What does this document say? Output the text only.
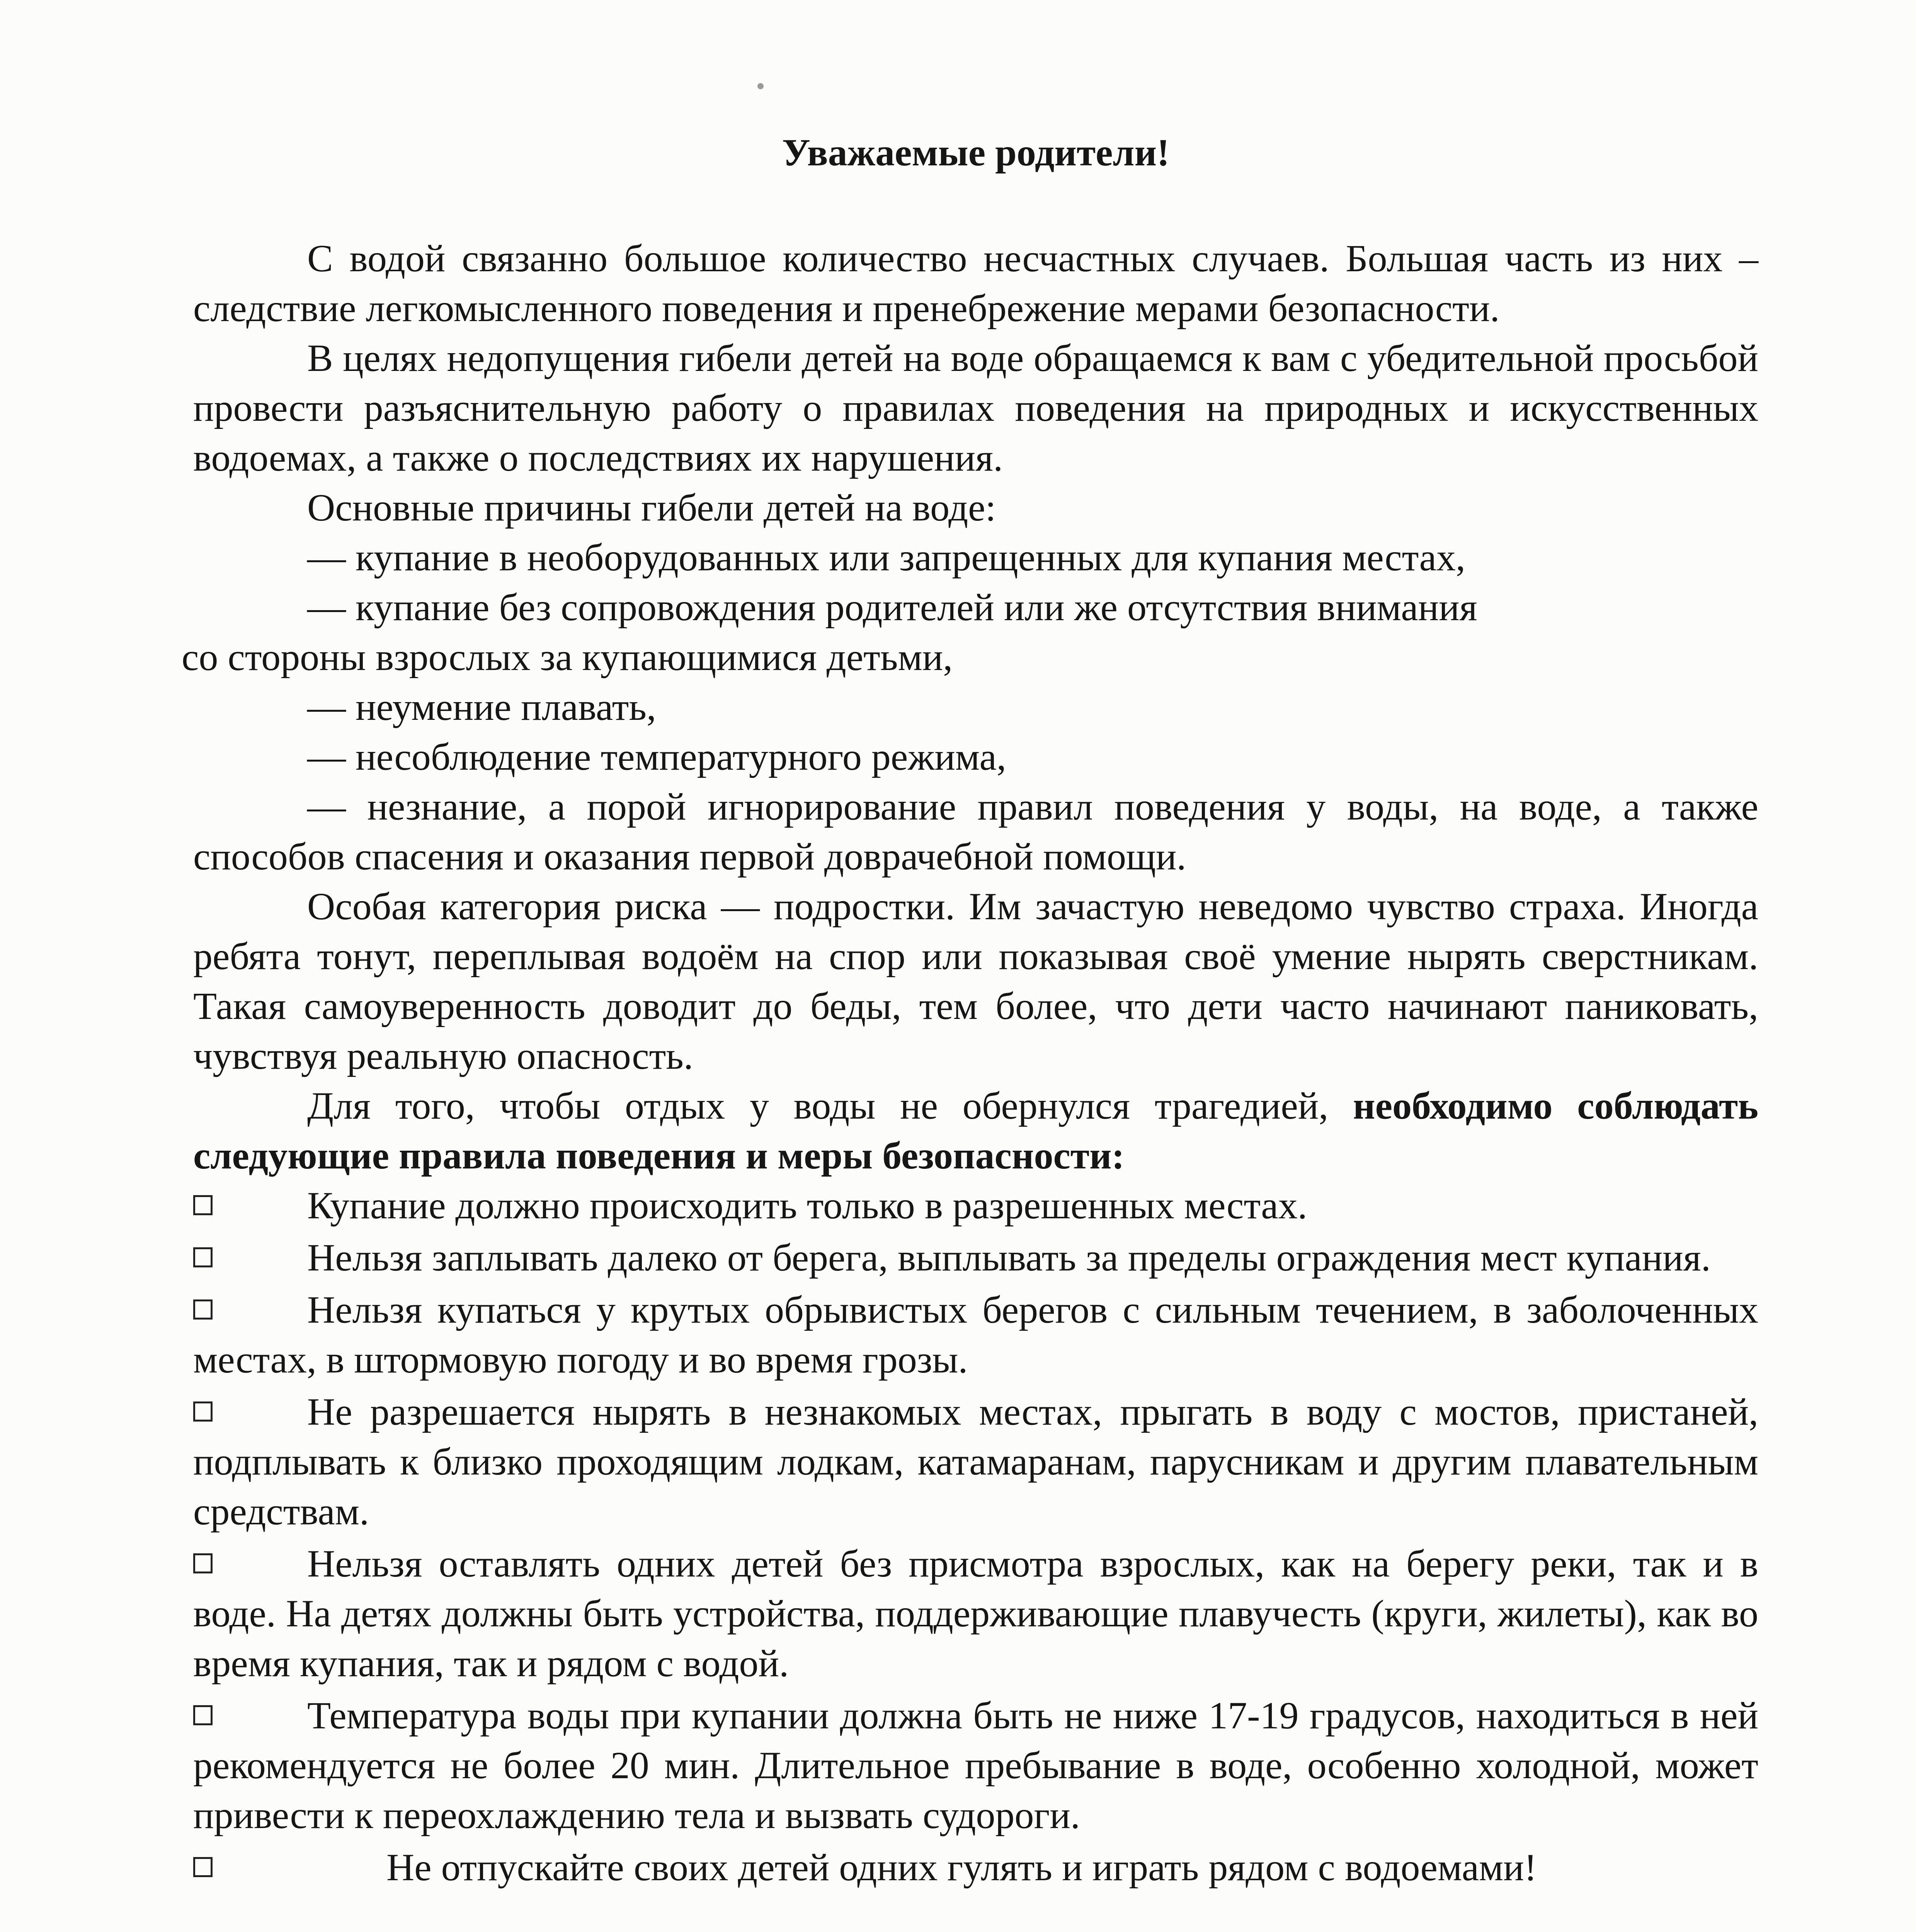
Уважаемые родители!

С водой связанно большое количество несчастных случаев. Большая часть из них – следствие легкомысленного поведения и пренебрежение мерами безопасности.

В целях недопущения гибели детей на воде обращаемся к вам с убедительной просьбой провести разъяснительную работу о правилах поведения на природных и искусственных водоемах, а также о последствиях их нарушения.

Основные причины гибели детей на воде:

— купание в необорудованных или запрещенных для купания местах,

— купание без сопровождения родителей или же отсутствия внимания

со стороны взрослых за купающимися детьми,

— неумение плавать,

— несоблюдение температурного режима,

— незнание, а порой игнорирование правил поведения у воды, на воде, а также способов спасения и оказания первой доврачебной помощи.

Особая категория риска — подростки. Им зачастую неведомо чувство страха. Иногда ребята тонут, переплывая водоём на спор или показывая своё умение нырять сверстникам. Такая самоуверенность доводит до беды, тем более, что дети часто начинают паниковать, чувствуя реальную опасность.

Для того, чтобы отдых у воды не обернулся трагедией, необходимо соблюдать следующие правила поведения и меры безопасности:

Купание должно происходить только в разрешенных местах.

Нельзя заплывать далеко от берега, выплывать за пределы ограждения мест купания.

Нельзя купаться у крутых обрывистых берегов с сильным течением, в заболоченных местах, в штормовую погоду и во время грозы.

Не разрешается нырять в незнакомых местах, прыгать в воду с мостов, пристаней, подплывать к близко проходящим лодкам, катамаранам, парусникам и другим плавательным средствам.

Нельзя оставлять одних детей без присмотра взрослых, как на берегу реки, так и в воде. На детях должны быть устройства, поддерживающие плавучесть (круги, жилеты), как во время купания, так и рядом с водой.

Температура воды при купании должна быть не ниже 17-19 градусов, находиться в ней рекомендуется не более 20 мин. Длительное пребывание в воде, особенно холодной, может привести к переохлаждению тела и вызвать судороги.

Не отпускайте своих детей одних гулять и играть рядом с водоемами!
